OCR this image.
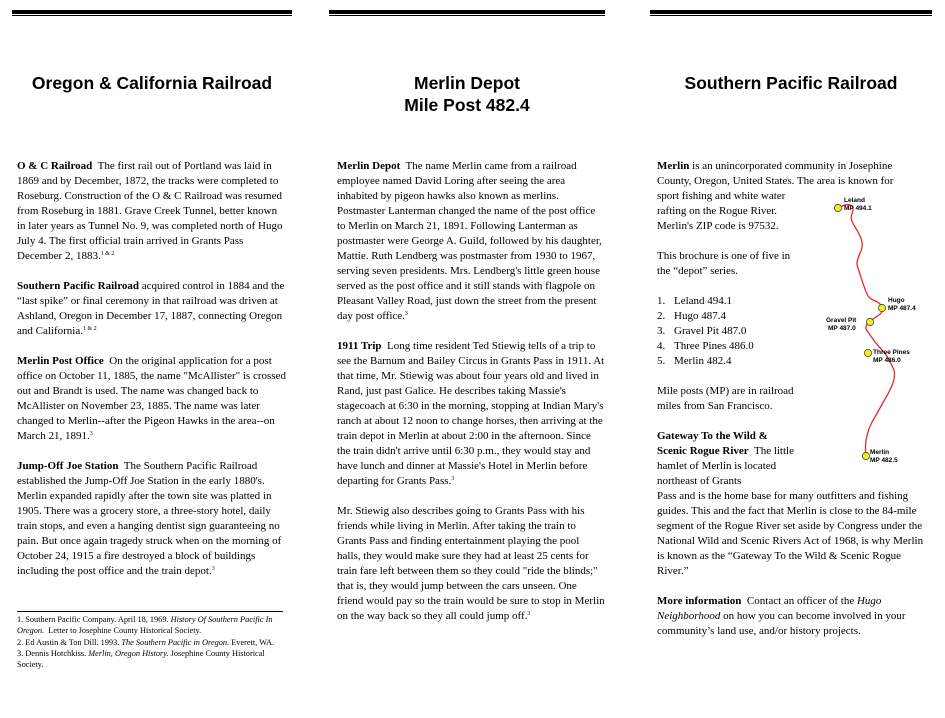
Oregon & California Railroad

O & C Railroad The first rail out of Portland was laid in 1869 and by December, 1872, the tracks were completed to Roseburg. Construction of the O & C Railroad was resumed from Roseburg in 1881. Grave Creek Tunnel, better known in later years as Tunnel No. 9, was completed north of Hugo July 4. The first official train arrived in Grants Pass December 2, 1883.$^{1 \& 2}$

Southern Pacific Railroad acquired control in 1884 and the “last spike” or final ceremony in that railroad was driven at Ashland, Oregon in December 17, 1887, connecting Oregon and California.$^{1 \& 2}$

Merlin Post Office On the original application for a post office on October 11, 1885, the name "McAllister" is crossed out and Brandt is used. The name was changed back to McAllister on November 23, 1885. The name was later changed to Merlin--after the Pigeon Hawks in the area--on March 21, 1891.$^3$

Jump-Off Joe Station The Southern Pacific Railroad established the Jump-Off Joe Station in the early 1880's. Merlin expanded rapidly after the town site was platted in 1905. There was a grocery store, a three-story hotel, daily train stops, and even a hanging dentist sign guaranteeing no pain. But once again tragedy struck when on the morning of October 24, 1915 a fire destroyed a block of buildings including the post office and the train depot.$^3$

1. Southern Pacific Company. April 18, 1969. History Of Southern Pacific In Oregon. Letter to Josephine County Historical Society.
2. Ed Austin & Ton Dill. 1993. The Southern Pacific in Oregon. Everett, WA.
3. Dennis Hotchkiss. Merlin, Oregon History. Josephine County Historical Society.
Merlin Depot
Mile Post 482.4

Merlin Depot The name Merlin came from a railroad employee named David Loring after seeing the area inhabited by pigeon hawks also known as merlins. Postmaster Lanterman changed the name of the post office to Merlin on March 21, 1891. Following Lanterman as postmaster were George A. Guild, followed by his daughter, Mattie. Ruth Lendberg was postmaster from 1930 to 1967, serving seven presidents. Mrs. Lendberg's little green house served as the post office and it still stands with flagpole on Pleasant Valley Road, just down the street from the present day post office.$^3$

1911 Trip Long time resident Ted Stiewig tells of a trip to see the Barnum and Bailey Circus in Grants Pass in 1911. At that time, Mr. Stiewig was about four years old and lived in Rand, just past Galice. He describes taking Massie's stagecoach at 6:30 in the morning, stopping at Indian Mary's ranch at about 12 noon to change horses, then arriving at the train depot in Merlin at about 2:00 in the afternoon. Since the train didn't arrive until 6:30 p.m., they would stay and have lunch and dinner at Massie's Hotel in Merlin before departing for Grants Pass.$^3$

Mr. Stiewig also describes going to Grants Pass with his friends while living in Merlin. After taking the train to Grants Pass and finding entertainment playing the pool halls, they would make sure they had at least 25 cents for train fare left between them so they could "ride the blinds;" that is, they would jump between the cars unseen. One friend would pay so the train would be sure to stop in Merlin on the way back so they all could jump off.$^3$

Southern Pacific Railroad

Merlin is an unincorporated community in Josephine County, Oregon, United States. The area is known for
sport fishing and white water rafting on the Rogue River. Merlin's ZIP code is 97532.

This brochure is one of five in the “depot” series.

1. Leland 494.1
2. Hugo 487.4
3. Gravel Pit 487.0
4. Three Pines 486.0
5. Merlin 482.4

Mile posts (MP) are in railroad miles from San Francisco.

Gateway To the Wild & Scenic Rogue River The little hamlet of Merlin is located northeast of Grants
Pass and is the home base for many outfitters and fishing guides. This and the fact that Merlin is close to the 84-mile segment of the Rogue River set aside by Congress under the National Wild and Scenic Rivers Act of 1968, is why Merlin is known as the “Gateway To the Wild & Scenic Rogue River.”

More information Contact an officer of the Hugo Neighborhood on how you can become involved in your community’s land use, and/or history projects.

Leland
MP 494.1
Hugo
MP 487.4
Gravel Pit
MP 487.0
Three Pines
MP 486.0
Merlin
MP 482.5
